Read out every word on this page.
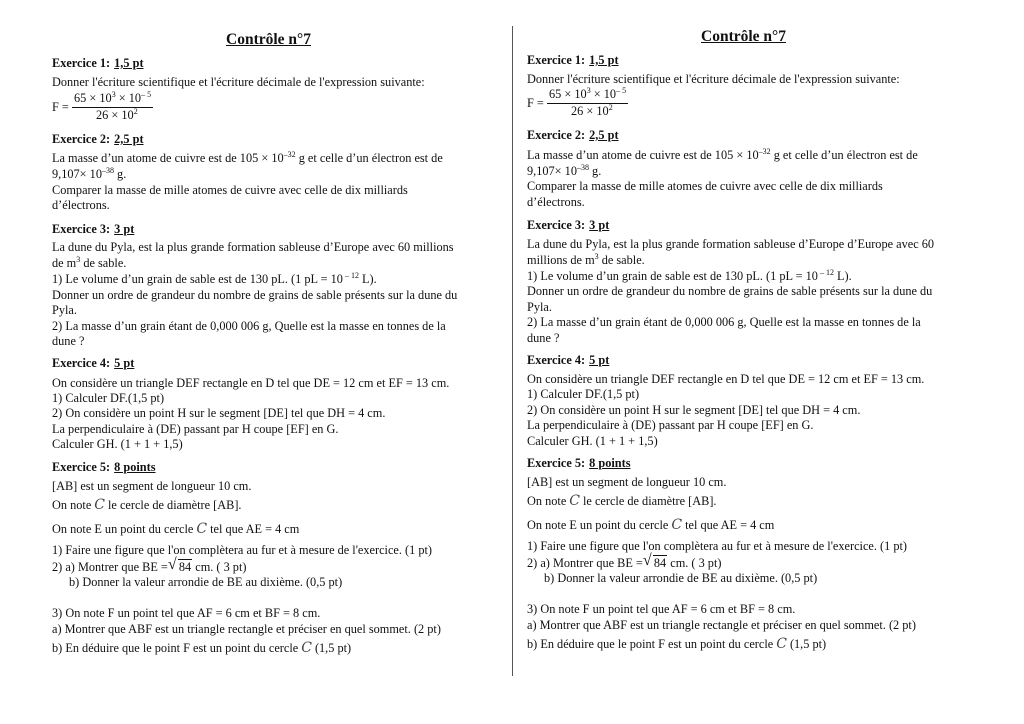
Contrôle n°7
Exercice 1: 1,5 pt
Donner l'écriture scientifique et l'écriture décimale de l'expression suivante:
F =
$65 \times 10^3 \times 10^{- 5}$
$26 \times 10^2$
Exercice 2: 2,5 pt
La masse d’un atome de cuivre est de $105 \times 10^{-32}$ g et celle d’un électron est de
$9,107\times 10^{-38}$ g.
Comparer la masse de mille atomes de cuivre avec celle de dix milliards
d’électrons.
Exercice 3: 3 pt
La dune du Pyla, est la plus grande formation sableuse d’Europe avec 60 millions
de $m^3$ de sable.
1) Le volume d’un grain de sable est de 130 pL. (1 pL = 10 $^{- 12}$ L).
Donner un ordre de grandeur du nombre de grains de sable présents sur la dune du
Pyla.
2) La masse d’un grain étant de 0,000 006 g, Quelle est la masse en tonnes de la
dune ?
Exercice 4: 5 pt
On considère un triangle DEF rectangle en D tel que DE = 12 cm et EF = 13 cm.
1) Calculer DF.(1,5 pt)
2) On considère un point H sur le segment [DE] tel que DH = 4 cm.
La perpendiculaire à (DE) passant par H coupe [EF] en G.
Calculer GH. (1 + 1 + 1,5)
Exercice 5: 8 points
[AB] est un segment de longueur 10 cm.
On note C le cercle de diamètre [AB].
On note E un point du cercle C tel que AE = 4 cm
1) Faire une figure que l'on complètera au fur et à mesure de l'exercice. (1 pt)
2) a) Montrer que BE = √ 84 cm. ( 3 pt)
b) Donner la valeur arrondie de BE au dixième. (0,5 pt)
3) On note F un point tel que AF = 6 cm et BF = 8 cm.
a) Montrer que ABF est un triangle rectangle et préciser en quel sommet. (2 pt)
b) En déduire que le point F est un point du cercle C (1,5 pt)
Contrôle n°7
Exercice 1: 1,5 pt
Donner l'écriture scientifique et l'écriture décimale de l'expression suivante:
F =
$65 \times 10^3 \times 10^{- 5}$
$26 \times 10^2$
Exercice 2: 2,5 pt
La masse d’un atome de cuivre est de $105 \times 10^{-32}$ g et celle d’un électron est de
$9,107\times 10^{-38}$ g.
Comparer la masse de mille atomes de cuivre avec celle de dix milliards
d’électrons.
Exercice 3: 3 pt
La dune du Pyla, est la plus grande formation sableuse d’Europe d’Europe avec 60
millions de $m^3$ de sable.
1) Le volume d’un grain de sable est de 130 pL. (1 pL = 10 $^{- 12}$ L).
Donner un ordre de grandeur du nombre de grains de sable présents sur la dune du
Pyla.
2) La masse d’un grain étant de 0,000 006 g, Quelle est la masse en tonnes de la
dune ?
Exercice 4: 5 pt
On considère un triangle DEF rectangle en D tel que DE = 12 cm et EF = 13 cm.
1) Calculer DF.(1,5 pt)
2) On considère un point H sur le segment [DE] tel que DH = 4 cm.
La perpendiculaire à (DE) passant par H coupe [EF] en G.
Calculer GH. (1 + 1 + 1,5)
Exercice 5: 8 points
[AB] est un segment de longueur 10 cm.
On note C le cercle de diamètre [AB].
On note E un point du cercle C tel que AE = 4 cm
1) Faire une figure que l'on complètera au fur et à mesure de l'exercice. (1 pt)
2) a) Montrer que BE = √ 84 cm. ( 3 pt)
b) Donner la valeur arrondie de BE au dixième. (0,5 pt)
3) On note F un point tel que AF = 6 cm et BF = 8 cm.
a) Montrer que ABF est un triangle rectangle et préciser en quel sommet. (2 pt)
b) En déduire que le point F est un point du cercle C (1,5 pt)
